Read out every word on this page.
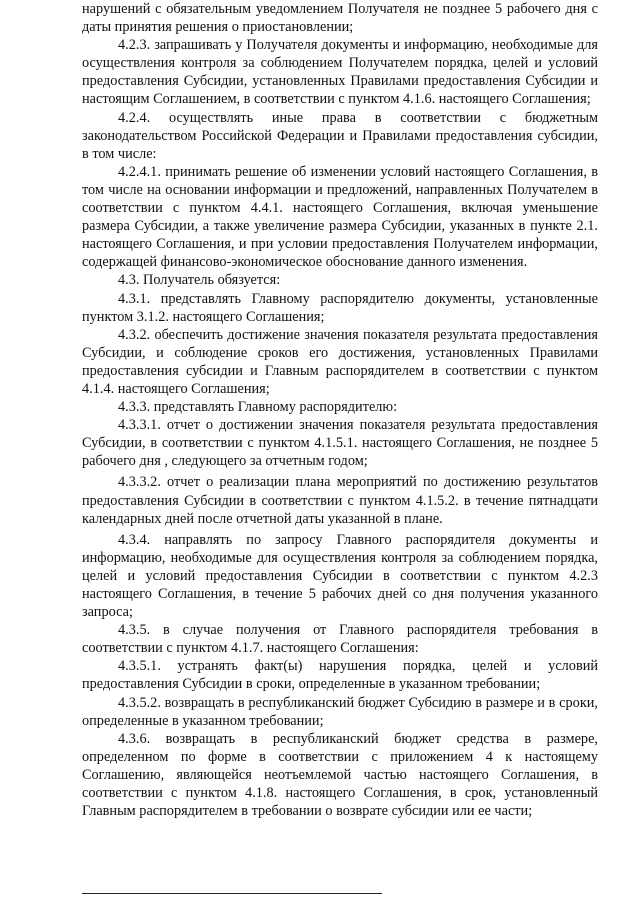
нарушений с обязательным уведомлением Получателя не позднее 5 рабочего дня с даты принятия решения о приостановлении;

4.2.3. запрашивать у Получателя документы и информацию, необходимые для осуществления контроля за соблюдением Получателем порядка, целей и условий предоставления Субсидии, установленных Правилами предоставления Субсидии и настоящим Соглашением, в соответствии с пунктом 4.1.6. настоящего Соглашения;

4.2.4. осуществлять иные права в соответствии с бюджетным законодательством Российской Федерации и Правилами предоставления субсидии, в том числе:

4.2.4.1. принимать решение об изменении условий настоящего Соглашения, в том числе на основании информации и предложений, направленных Получателем в соответствии с пунктом 4.4.1. настоящего Соглашения, включая уменьшение размера Субсидии, а также увеличение размера Субсидии, указанных в пункте 2.1. настоящего Соглашения, и при условии предоставления Получателем информации, содержащей финансово-экономическое обоснование данного изменения.

4.3. Получатель обязуется:

4.3.1. представлять Главному распорядителю документы, установленные пунктом 3.1.2. настоящего Соглашения;

4.3.2. обеспечить достижение значения показателя результата предоставления Субсидии, и соблюдение сроков его достижения, установленных Правилами предоставления субсидии и Главным распорядителем в соответствии с пунктом 4.1.4. настоящего Соглашения;

4.3.3. представлять Главному распорядителю:

4.3.3.1. отчет о достижении значения показателя результата предоставления Субсидии, в соответствии с пунктом 4.1.5.1. настоящего Соглашения, не позднее 5 рабочего дня , следующего за отчетным годом;

4.3.3.2. отчет о реализации плана мероприятий по достижению результатов предоставления Субсидии в соответствии с пунктом 4.1.5.2. в течение пятнадцати календарных дней после отчетной даты указанной в плане.

4.3.4. направлять по запросу Главного распорядителя документы и информацию, необходимые для осуществления контроля за соблюдением порядка, целей и условий предоставления Субсидии в соответствии с пунктом 4.2.3 настоящего Соглашения, в течение 5 рабочих дней со дня получения указанного запроса;

4.3.5. в случае получения от Главного распорядителя требования в соответствии с пунктом 4.1.7. настоящего Соглашения:

4.3.5.1. устранять факт(ы) нарушения порядка, целей и условий предоставления Субсидии в сроки, определенные в указанном требовании;

4.3.5.2. возвращать в республиканский бюджет Субсидию в размере и в сроки, определенные в указанном требовании;

4.3.6. возвращать в республиканский бюджет средства в размере, определенном по форме в соответствии с приложением 4 к настоящему Соглашению, являющейся неотъемлемой частью настоящего Соглашения, в соответствии с пунктом 4.1.8. настоящего Соглашения, в срок, установленный Главным распорядителем в требовании о возврате субсидии или ее части;
